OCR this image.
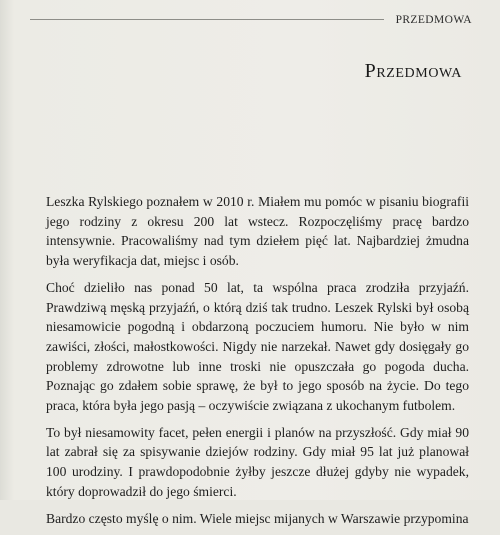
PRZEDMOWA
Przedmowa

Leszka Rylskiego poznałem w 2010 r. Miałem mu pomóc w pisaniu biografii jego rodziny z okresu 200 lat wstecz. Rozpoczęliśmy pracę bardzo intensywnie. Pracowaliśmy nad tym dziełem pięć lat. Najbardziej żmudna była weryfikacja dat, miejsc i osób.

Choć dzieliło nas ponad 50 lat, ta wspólna praca zrodziła przyjaźń. Prawdziwą męską przyjaźń, o którą dziś tak trudno. Leszek Rylski był osobą niesamowicie pogodną i obdarzoną poczuciem humoru. Nie było w nim zawiści, złości, małostkowości. Nigdy nie narzekał. Nawet gdy dosięgały go problemy zdrowotne lub inne troski nie opuszczała go pogoda ducha. Poznając go zdałem sobie sprawę, że był to jego sposób na życie. Do tego praca, która była jego pasją – oczywiście związana z ukochanym futbolem.

To był niesamowity facet, pełen energii i planów na przyszłość. Gdy miał 90 lat zabrał się za spisywanie dziejów rodziny. Gdy miał 95 lat już planował 100 urodziny. I prawdopodobnie żyłby jeszcze dłużej gdyby nie wypadek, który doprowadził do jego śmierci.

Bardzo często myślę o nim. Wiele miejsc mijanych w Warszawie przypomina
